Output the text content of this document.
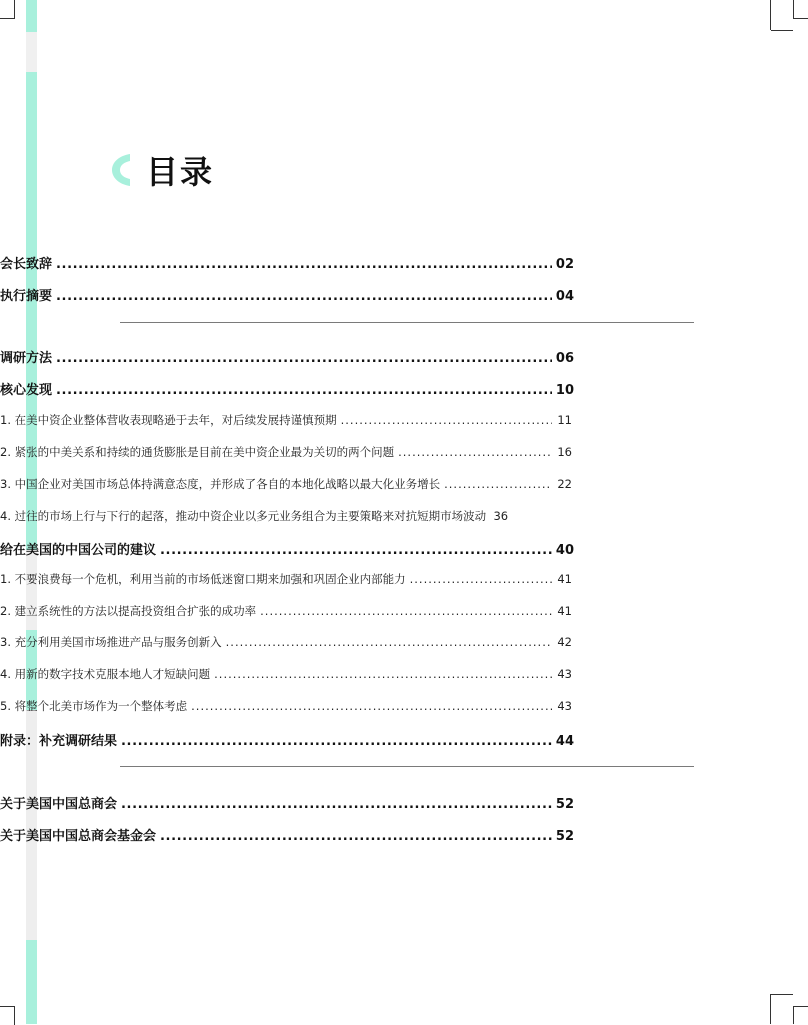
目录
会长致辞 .....	02
执行摘要 .....	04
调研方法 .....	06
核心发现 .....	10
1. 在美中资企业整体营收表现略逊于去年，对后续发展持谨慎预期 .....	11
2. 紧张的中美关系和持续的通货膨胀是目前在美中资企业最为关切的两个问题 .....	16
3. 中国企业对美国市场总体持满意态度，并形成了各自的本地化战略以最大化业务增长 .....	22
4. 过往的市场上行与下行的起落，推动中资企业以多元业务组合为主要策略来对抗短期市场波动 36
给在美国的中国公司的建议 .....	40
1. 不要浪费每一个危机，利用当前的市场低迷窗口期来加强和巩固企业内部能力 .....	41
2. 建立系统性的方法以提高投资组合扩张的成功率 .....	41
3. 充分利用美国市场推进产品与服务创新入 .....	42
4. 用新的数字技术克服本地人才短缺问题 .....	43
5. 将整个北美市场作为一个整体考虑 .....	43
附录：补充调研结果 .....	44
关于美国中国总商会 .....	52
关于美国中国总商会基金会 .....	52
